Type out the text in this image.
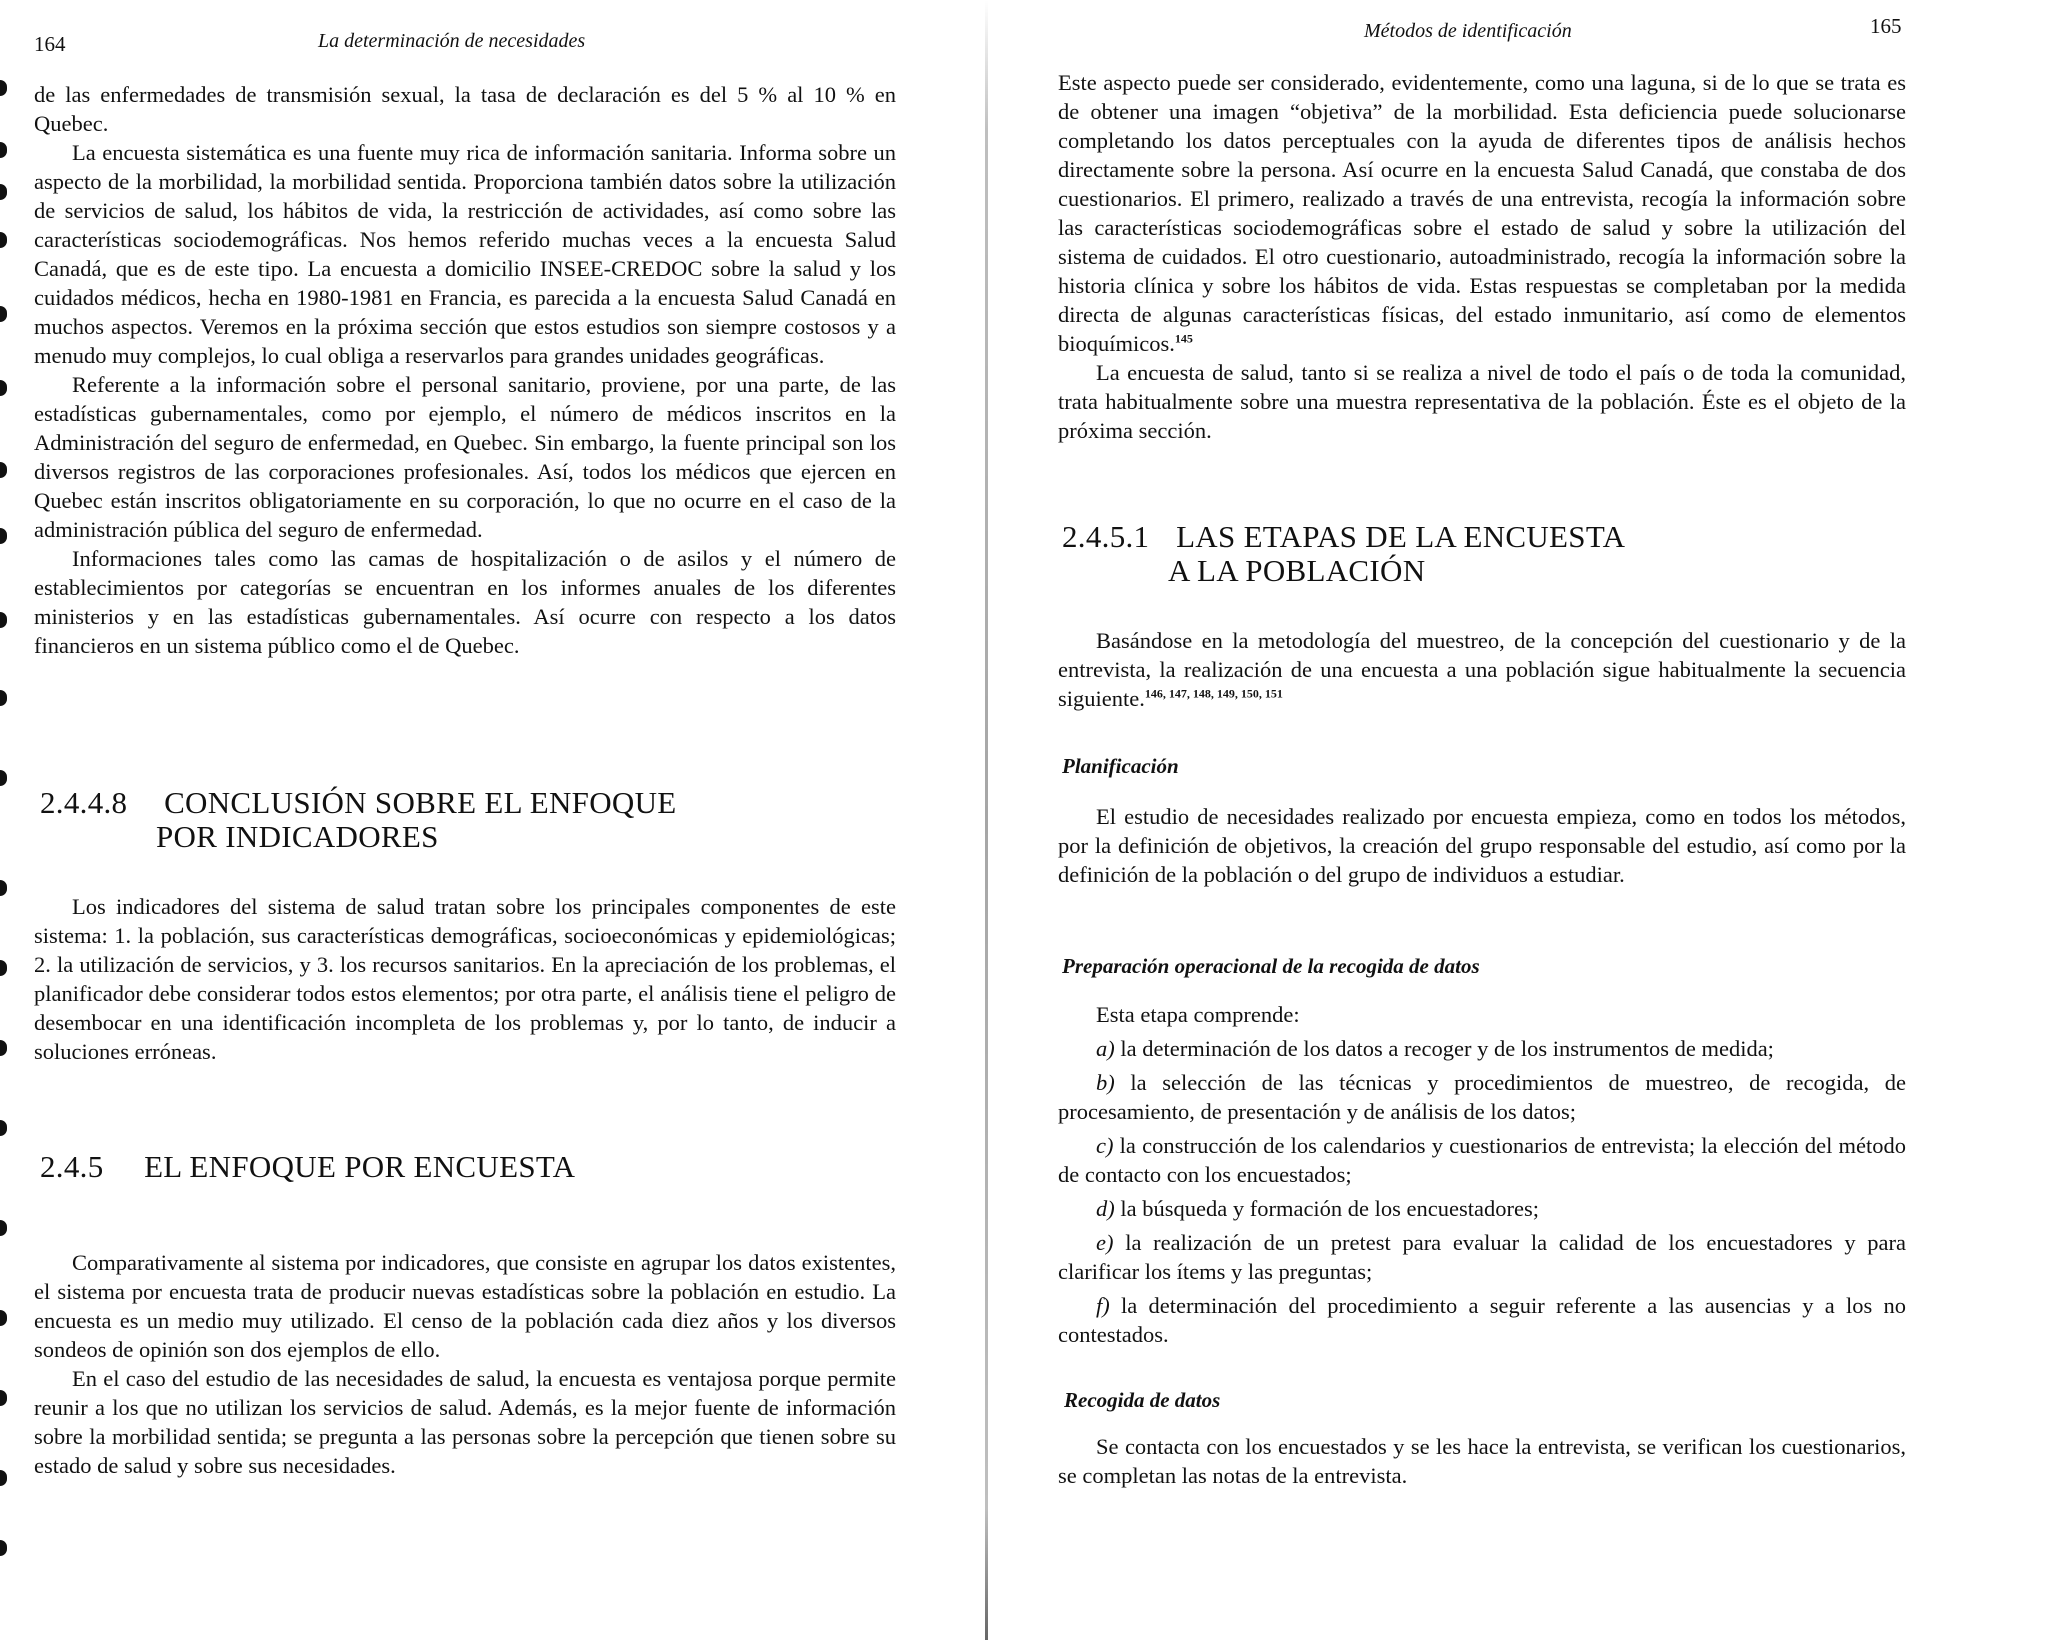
164	La determinación de necesidades

de las enfermedades de transmisión sexual, la tasa de declaración es del 5 % al 10 % en Quebec.

La encuesta sistemática es una fuente muy rica de información sanitaria. Informa sobre un aspecto de la morbilidad, la morbilidad sentida. Proporciona también datos sobre la utilización de servicios de salud, los hábitos de vida, la restricción de actividades, así como sobre las características sociodemográficas. Nos hemos referido muchas veces a la encuesta Salud Canadá, que es de este tipo. La encuesta a domicilio INSEE-CREDOC sobre la salud y los cuidados médicos, hecha en 1980-1981 en Francia, es parecida a la encuesta Salud Canadá en muchos aspectos. Veremos en la próxima sección que estos estudios son siempre costosos y a menudo muy complejos, lo cual obliga a reservarlos para grandes unidades geográficas.

Referente a la información sobre el personal sanitario, proviene, por una parte, de las estadísticas gubernamentales, como por ejemplo, el número de médicos inscritos en la Administración del seguro de enfermedad, en Quebec. Sin embargo, la fuente principal son los diversos registros de las corporaciones profesionales. Así, todos los médicos que ejercen en Quebec están inscritos obligatoriamente en su corporación, lo que no ocurre en el caso de la administración pública del seguro de enfermedad.

Informaciones tales como las camas de hospitalización o de asilos y el número de establecimientos por categorías se encuentran en los informes anuales de los diferentes ministerios y en las estadísticas gubernamentales. Así ocurre con respecto a los datos financieros en un sistema público como el de Quebec.

2.4.4.8 CONCLUSIÓN SOBRE EL ENFOQUE
POR INDICADORES

Los indicadores del sistema de salud tratan sobre los principales componentes de este sistema: 1. la población, sus características demográficas, socioeconómicas y epidemiológicas; 2. la utilización de servicios, y 3. los recursos sanitarios. En la apreciación de los problemas, el planificador debe considerar todos estos elementos; por otra parte, el análisis tiene el peligro de desembocar en una identificación incompleta de los problemas y, por lo tanto, de inducir a soluciones erróneas.

2.4.5 EL ENFOQUE POR ENCUESTA

Comparativamente al sistema por indicadores, que consiste en agrupar los datos existentes, el sistema por encuesta trata de producir nuevas estadísticas sobre la población en estudio. La encuesta es un medio muy utilizado. El censo de la población cada diez años y los diversos sondeos de opinión son dos ejemplos de ello.

En el caso del estudio de las necesidades de salud, la encuesta es ventajosa porque permite reunir a los que no utilizan los servicios de salud. Además, es la mejor fuente de información sobre la morbilidad sentida; se pregunta a las personas sobre la percepción que tienen sobre su estado de salud y sobre sus necesidades.

Métodos de identificación	165

Este aspecto puede ser considerado, evidentemente, como una laguna, si de lo que se trata es de obtener una imagen “objetiva” de la morbilidad. Esta deficiencia puede solucionarse completando los datos perceptuales con la ayuda de diferentes tipos de análisis hechos directamente sobre la persona. Así ocurre en la encuesta Salud Canadá, que constaba de dos cuestionarios. El primero, realizado a través de una entrevista, recogía la información sobre las características sociodemográficas sobre el estado de salud y sobre la utilización del sistema de cuidados. El otro cuestionario, autoadministrado, recogía la información sobre la historia clínica y sobre los hábitos de vida. Estas respuestas se completaban por la medida directa de algunas características físicas, del estado inmunitario, así como de elementos bioquímicos.$^{145}$

La encuesta de salud, tanto si se realiza a nivel de todo el país o de toda la comunidad, trata habitualmente sobre una muestra representativa de la población. Éste es el objeto de la próxima sección.

2.4.5.1 LAS ETAPAS DE LA ENCUESTA
A LA POBLACIÓN

Basándose en la metodología del muestreo, de la concepción del cuestionario y de la entrevista, la realización de una encuesta a una población sigue habitualmente la secuencia siguiente.$^{146, 147, 148, 149, 150, 151}$

Planificación

El estudio de necesidades realizado por encuesta empieza, como en todos los métodos, por la definición de objetivos, la creación del grupo responsable del estudio, así como por la definición de la población o del grupo de individuos a estudiar.

Preparación operacional de la recogida de datos

Esta etapa comprende:

a) la determinación de los datos a recoger y de los instrumentos de medida;

b) la selección de las técnicas y procedimientos de muestreo, de recogida, de procesamiento, de presentación y de análisis de los datos;

c) la construcción de los calendarios y cuestionarios de entrevista; la elección del método de contacto con los encuestados;

d) la búsqueda y formación de los encuestadores;

e) la realización de un pretest para evaluar la calidad de los encuestadores y para clarificar los ítems y las preguntas;

f) la determinación del procedimiento a seguir referente a las ausencias y a los no contestados.

Recogida de datos

Se contacta con los encuestados y se les hace la entrevista, se verifican los cuestionarios, se completan las notas de la entrevista.
